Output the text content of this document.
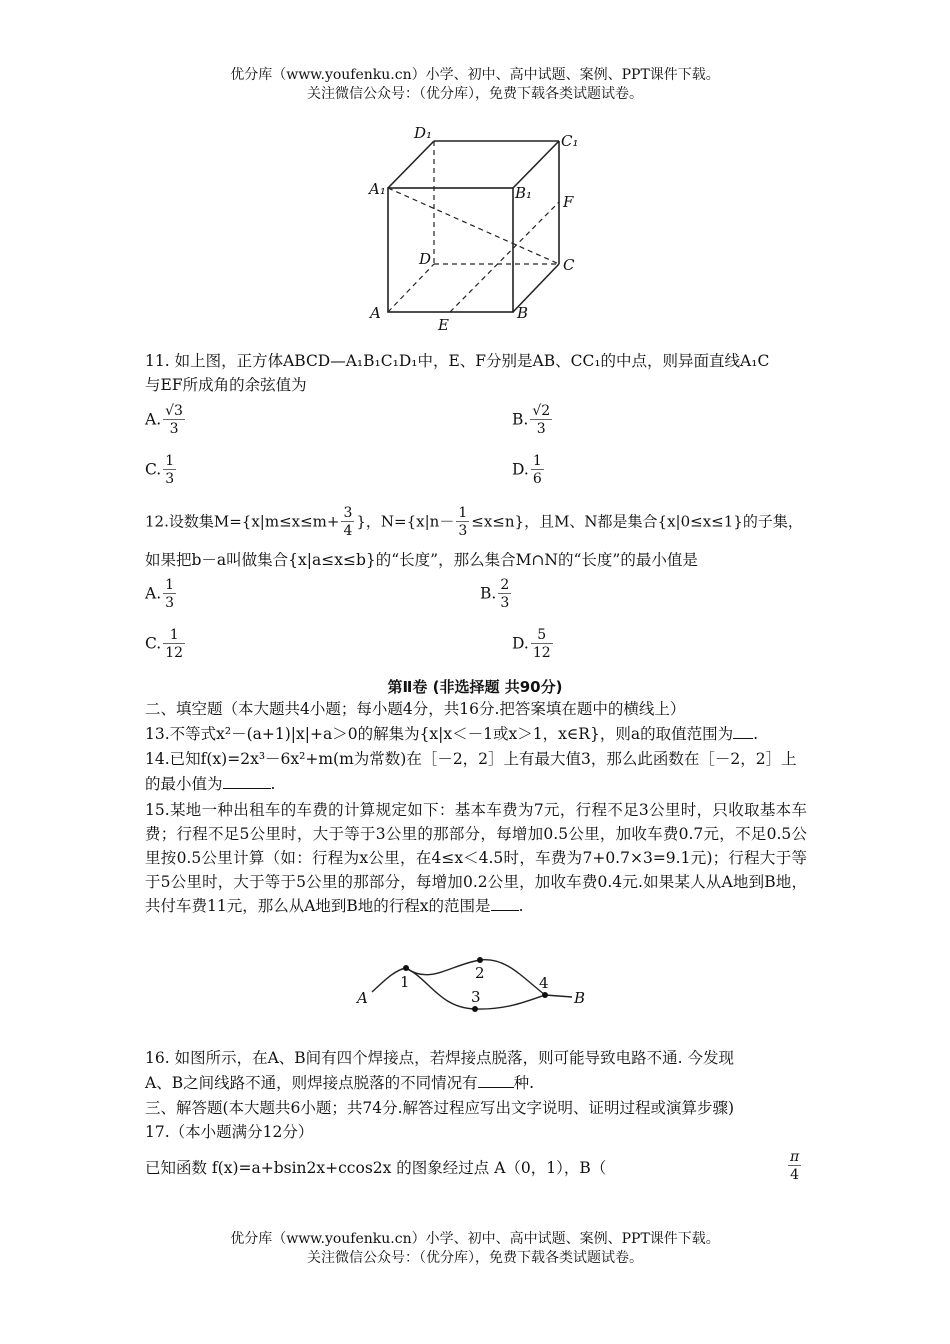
优分库（www.youfenku.cn）小学、初中、高中试题、案例、PPT课件下载。
关注微信公众号：（优分库），免费下载各类试题试卷。
D₁	C₁
A₁	B₁ F
D	C
A
E
B
11. 如上图，正方体ABCD—A₁B₁C₁D₁中，E、F分别是AB、CC₁的中点，则异面直线A₁C
与EF所成角的余弦值为
A. $\frac{√3}{3}$	B. $\frac{√2}{3}$
C. $\frac{1}{3}$	D. $\frac{1}{6}$
12.设数集$M=\{x|m\le x\le m+ \frac{3}{4}$ }，$N=\{x|n- \frac{1}{3} \le x\le n\}$，且M、N都是集合{x|0≤x≤1}的子集，
如果把b－a叫做集合{x|a≤x≤b}的“长度”，那么集合M∩N的“长度”的最小值是
A. $\frac{1}{3}$	B. $\frac{2}{3}$
C. $\frac{1}{12}$	D. $\frac{5}{12}$
第Ⅱ卷 (非选择题 共90分)
二、填空题（本大题共4小题；每小题4分，共16分.把答案填在题中的横线上）
13.不等式x²－(a+1)|x|+a＞0的解集为{x|x＜－1或x＞1，x∈R}，则a的取值范围为 .
14.已知f(x)=2x³－6x²+m(m为常数)在［－2，2］上有最大值3，那么此函数在［－2，2］上
的最小值为	.
15.某地一种出租车的车费的计算规定如下：基本车费为7元，行程不足3公里时，只收取基本车费；行程不足5公里时，大于等于3公里的那部分，每增加0.5公里，加收车费0.7元，不足0.5公里按0.5公里计算（如：行程为x公里，在4≤x＜4.5时，车费为7+0.7×3=9.1元)；行程大于等于5公里时，大于等于5公里的那部分，每增加0.2公里，加收车费0.4元.如果某人从A地到B地，共付车费11元，那么从A地到B地的行程x的范围是 .
A
1	2
3
4
B
16. 如图所示，在A、B间有四个焊接点，若焊接点脱落，则可能导致电路不通. 今发现
A、B之间线路不通，则焊接点脱落的不同情况有 种.
三、解答题(本大题共6小题；共74分.解答过程应写出文字说明、证明过程或演算步骤)
17.（本小题满分12分）
已知函数 f(x)=a+bsin2x+ccos2x 的图象经过点 A（0，1），B（	$\frac{\pi}{4}$
优分库（www.youfenku.cn）小学、初中、高中试题、案例、PPT课件下载。
关注微信公众号：（优分库），免费下载各类试题试卷。
